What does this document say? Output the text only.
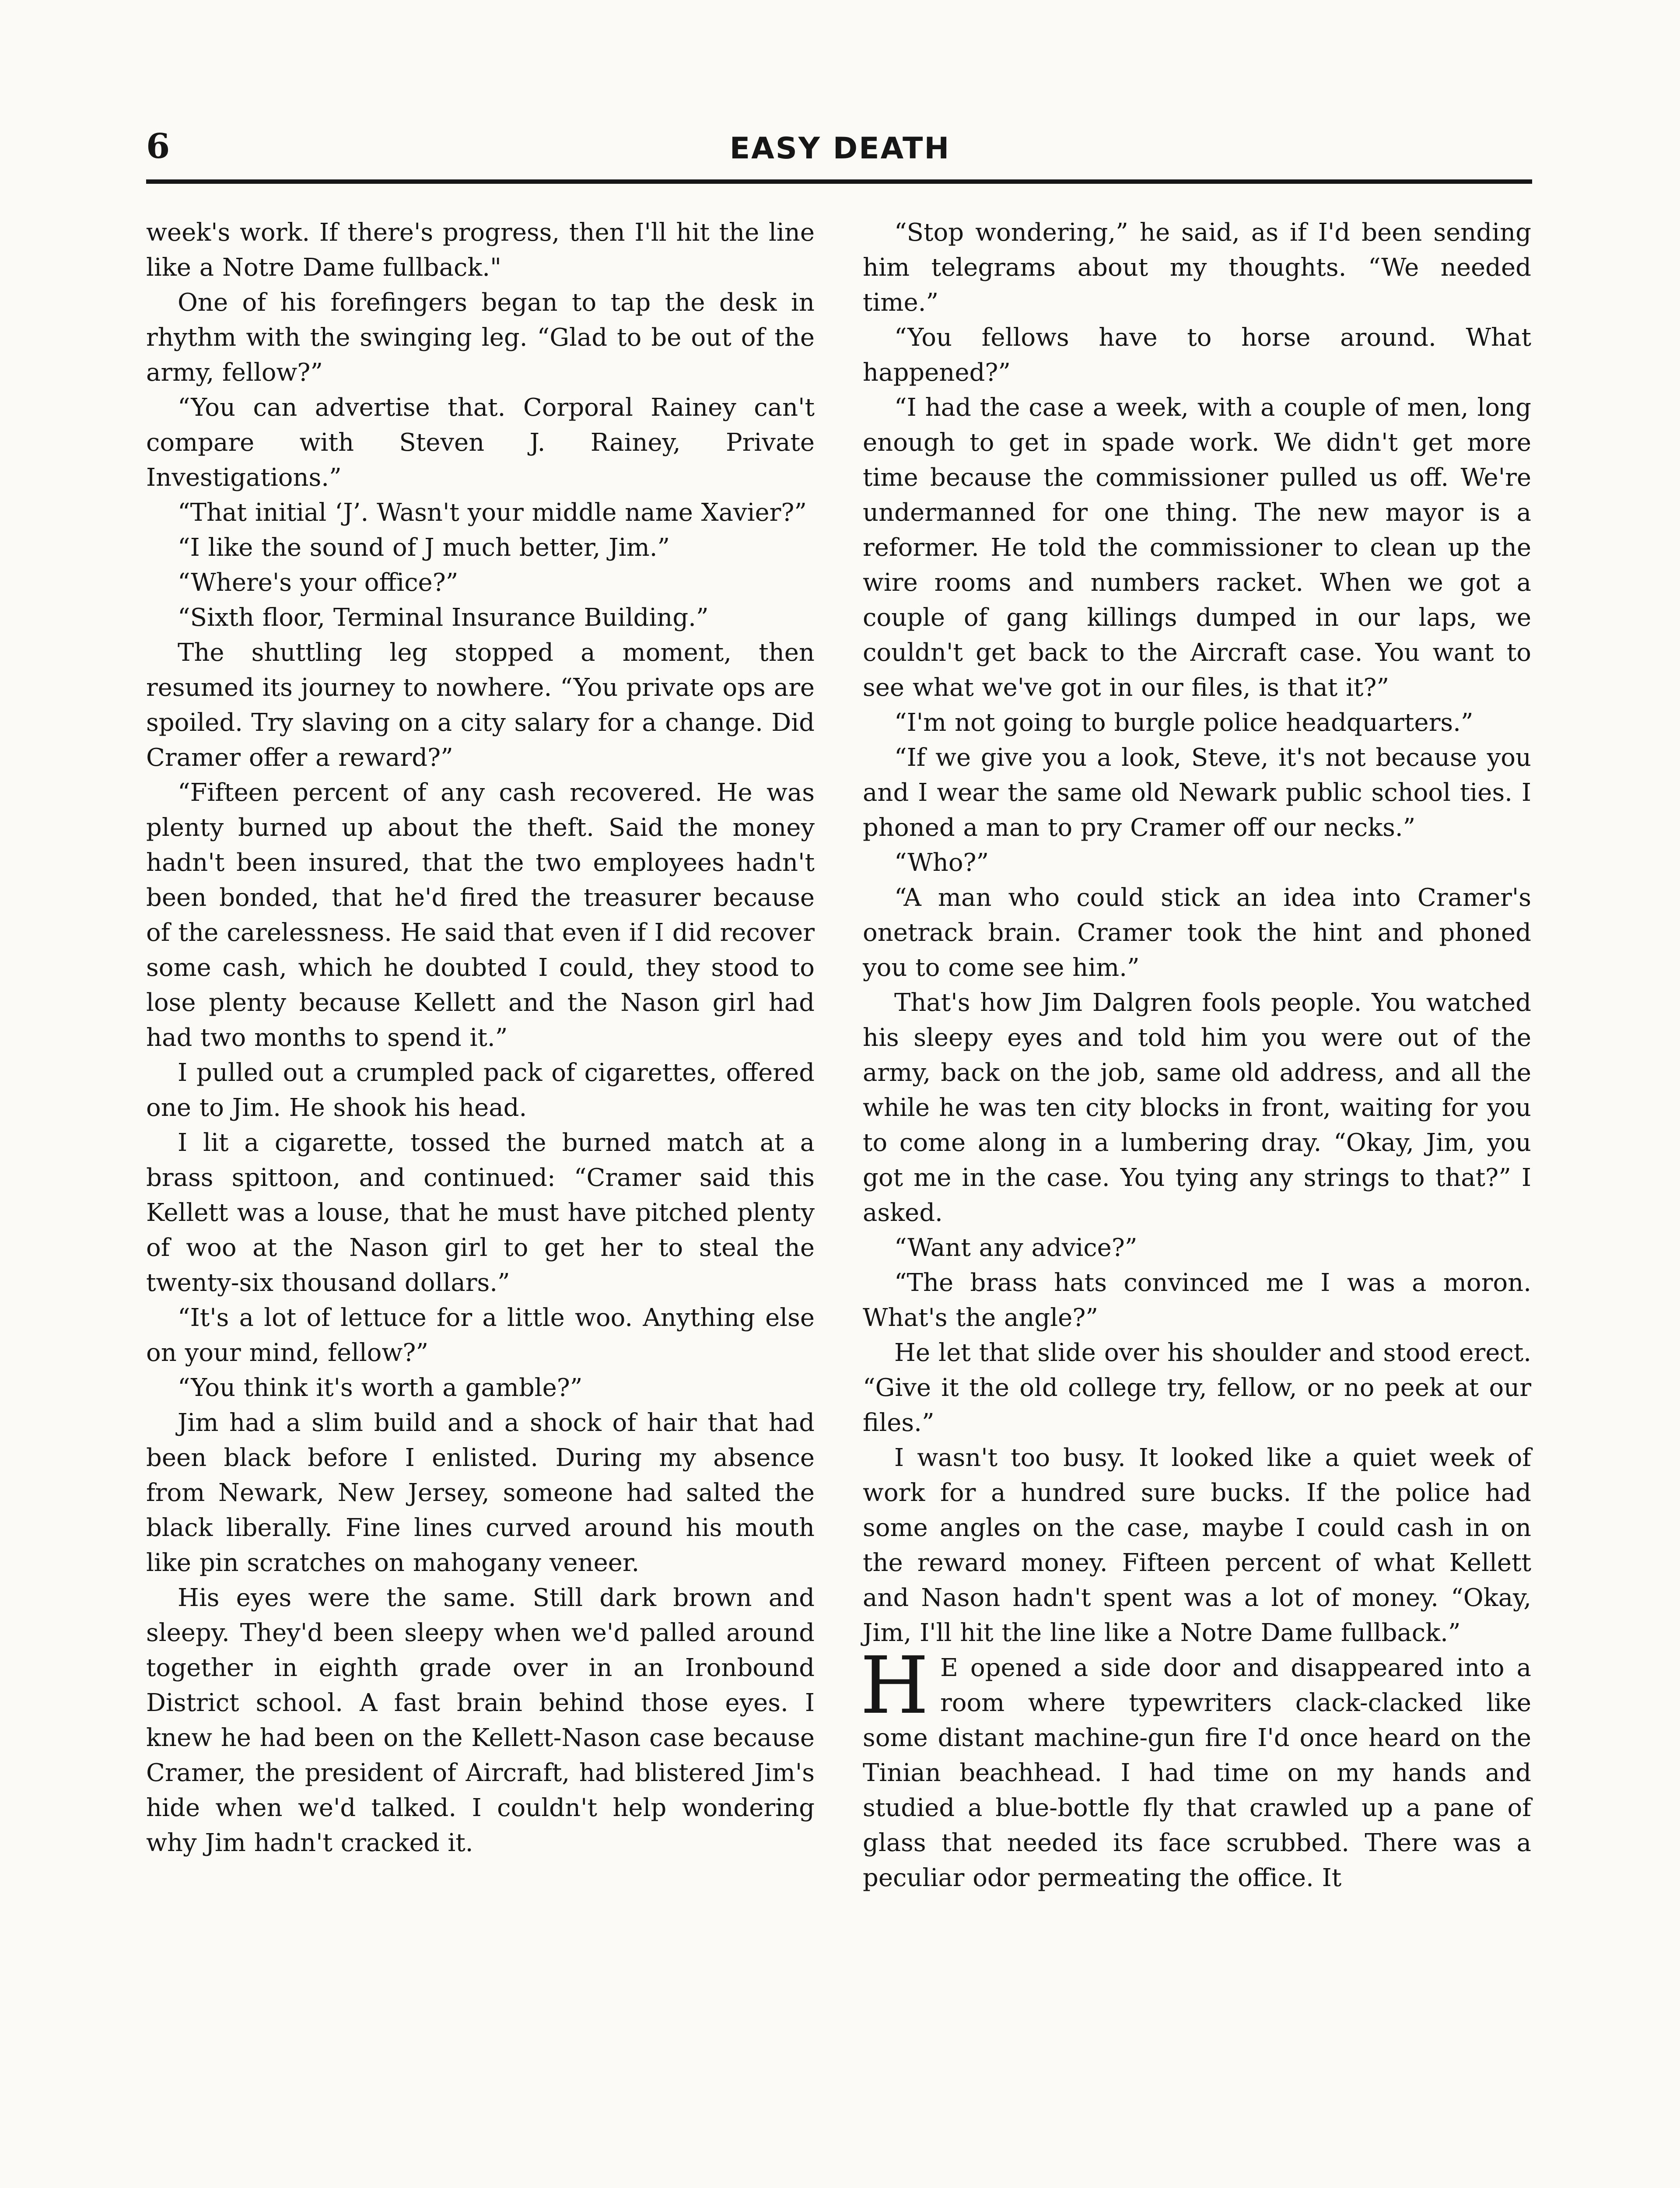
6	EASY DEATH

week's work. If there's progress, then I'll hit the line like a Notre Dame fullback."

One of his forefingers began to tap the desk in rhythm with the swinging leg. “Glad to be out of the army, fellow?”

“You can advertise that. Corporal Rainey can't compare with Steven J. Rainey, Private Investigations.”

“That initial ‘J’. Wasn't your middle name Xavier?”

“I like the sound of J much better, Jim.”

“Where's your office?”

“Sixth floor, Terminal Insurance Building.”

The shuttling leg stopped a moment, then resumed its journey to nowhere. “You private ops are spoiled. Try slaving on a city salary for a change. Did Cramer offer a reward?”

“Fifteen percent of any cash recovered. He was plenty burned up about the theft. Said the money hadn't been insured, that the two employees hadn't been bonded, that he'd fired the treasurer because of the carelessness. He said that even if I did recover some cash, which he doubted I could, they stood to lose plenty because Kellett and the Nason girl had had two months to spend it.”

I pulled out a crumpled pack of cigarettes, offered one to Jim. He shook his head.

I lit a cigarette, tossed the burned match at a brass spittoon, and continued: “Cramer said this Kellett was a louse, that he must have pitched plenty of woo at the Nason girl to get her to steal the twenty-six thousand dollars.”

“It's a lot of lettuce for a little woo. Anything else on your mind, fellow?”

“You think it's worth a gamble?”

Jim had a slim build and a shock of hair that had been black before I enlisted. During my absence from Newark, New Jersey, someone had salted the black liberally. Fine lines curved around his mouth like pin scratches on mahogany veneer.

His eyes were the same. Still dark brown and sleepy. They'd been sleepy when we'd palled around together in eighth grade over in an Ironbound District school. A fast brain behind those eyes. I knew he had been on the Kellett-Nason case because Cramer, the president of Aircraft, had blistered Jim's hide when we'd talked. I couldn't help wondering why Jim hadn't cracked it.

“Stop wondering,” he said, as if I'd been sending him telegrams about my thoughts. “We needed time.”

“You fellows have to horse around. What happened?”

“I had the case a week, with a couple of men, long enough to get in spade work. We didn't get more time because the commissioner pulled us off. We're undermanned for one thing. The new mayor is a reformer. He told the commissioner to clean up the wire rooms and numbers racket. When we got a couple of gang killings dumped in our laps, we couldn't get back to the Aircraft case. You want to see what we've got in our files, is that it?”

“I'm not going to burgle police headquarters.”

“If we give you a look, Steve, it's not because you and I wear the same old Newark public school ties. I phoned a man to pry Cramer off our necks.”

“Who?”

“A man who could stick an idea into Cramer's onetrack brain. Cramer took the hint and phoned you to come see him.”

That's how Jim Dalgren fools people. You watched his sleepy eyes and told him you were out of the army, back on the job, same old address, and all the while he was ten city blocks in front, waiting for you to come along in a lumbering dray. “Okay, Jim, you got me in the case. You tying any strings to that?” I asked.

“Want any advice?”

“The brass hats convinced me I was a moron. What's the angle?”

He let that slide over his shoulder and stood erect. “Give it the old college try, fellow, or no peek at our files.”

I wasn't too busy. It looked like a quiet week of work for a hundred sure bucks. If the police had some angles on the case, maybe I could cash in on the reward money. Fifteen percent of what Kellett and Nason hadn't spent was a lot of money. “Okay, Jim, I'll hit the line like a Notre Dame fullback.”

H E opened a side door and disappeared into a room where typewriters clack-clacked like some distant machine-gun fire I'd once heard on the Tinian beachhead. I had time on my hands and studied a blue-bottle fly that crawled up a pane of glass that needed its face scrubbed. There was a peculiar odor permeating the office. It
